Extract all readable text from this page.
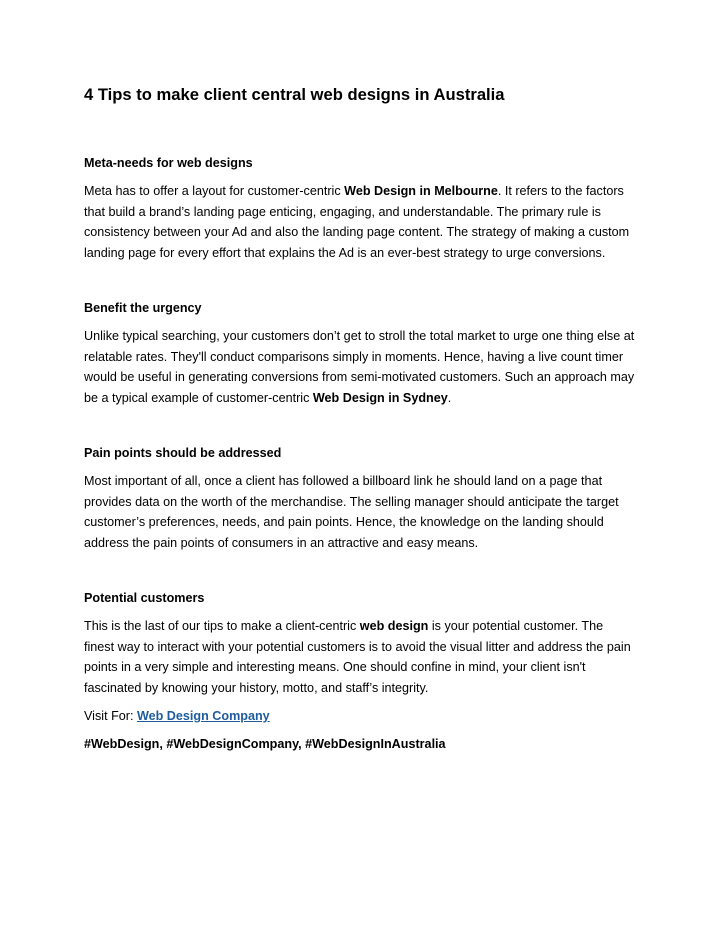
4 Tips to make client central web designs in Australia
Meta-needs for web designs

Meta has to offer a layout for customer-centric Web Design in Melbourne. It refers to the factors that build a brand’s landing page enticing, engaging, and understandable. The primary rule is consistency between your Ad and also the landing page content. The strategy of making a custom landing page for every effort that explains the Ad is an ever-best strategy to urge conversions.

Benefit the urgency

Unlike typical searching, your customers don’t get to stroll the total market to urge one thing else at relatable rates. They'll conduct comparisons simply in moments. Hence, having a live count timer would be useful in generating conversions from semi-motivated customers. Such an approach may be a typical example of customer-centric Web Design in Sydney.

Pain points should be addressed

Most important of all, once a client has followed a billboard link he should land on a page that provides data on the worth of the merchandise. The selling manager should anticipate the target customer’s preferences, needs, and pain points. Hence, the knowledge on the landing should address the pain points of consumers in an attractive and easy means.

Potential customers

This is the last of our tips to make a client-centric web design is your potential customer. The finest way to interact with your potential customers is to avoid the visual litter and address the pain points in a very simple and interesting means. One should confine in mind, your client isn't fascinated by knowing your history, motto, and staff’s integrity.

Visit For: Web Design Company

#WebDesign, #WebDesignCompany, #WebDesignInAustralia
